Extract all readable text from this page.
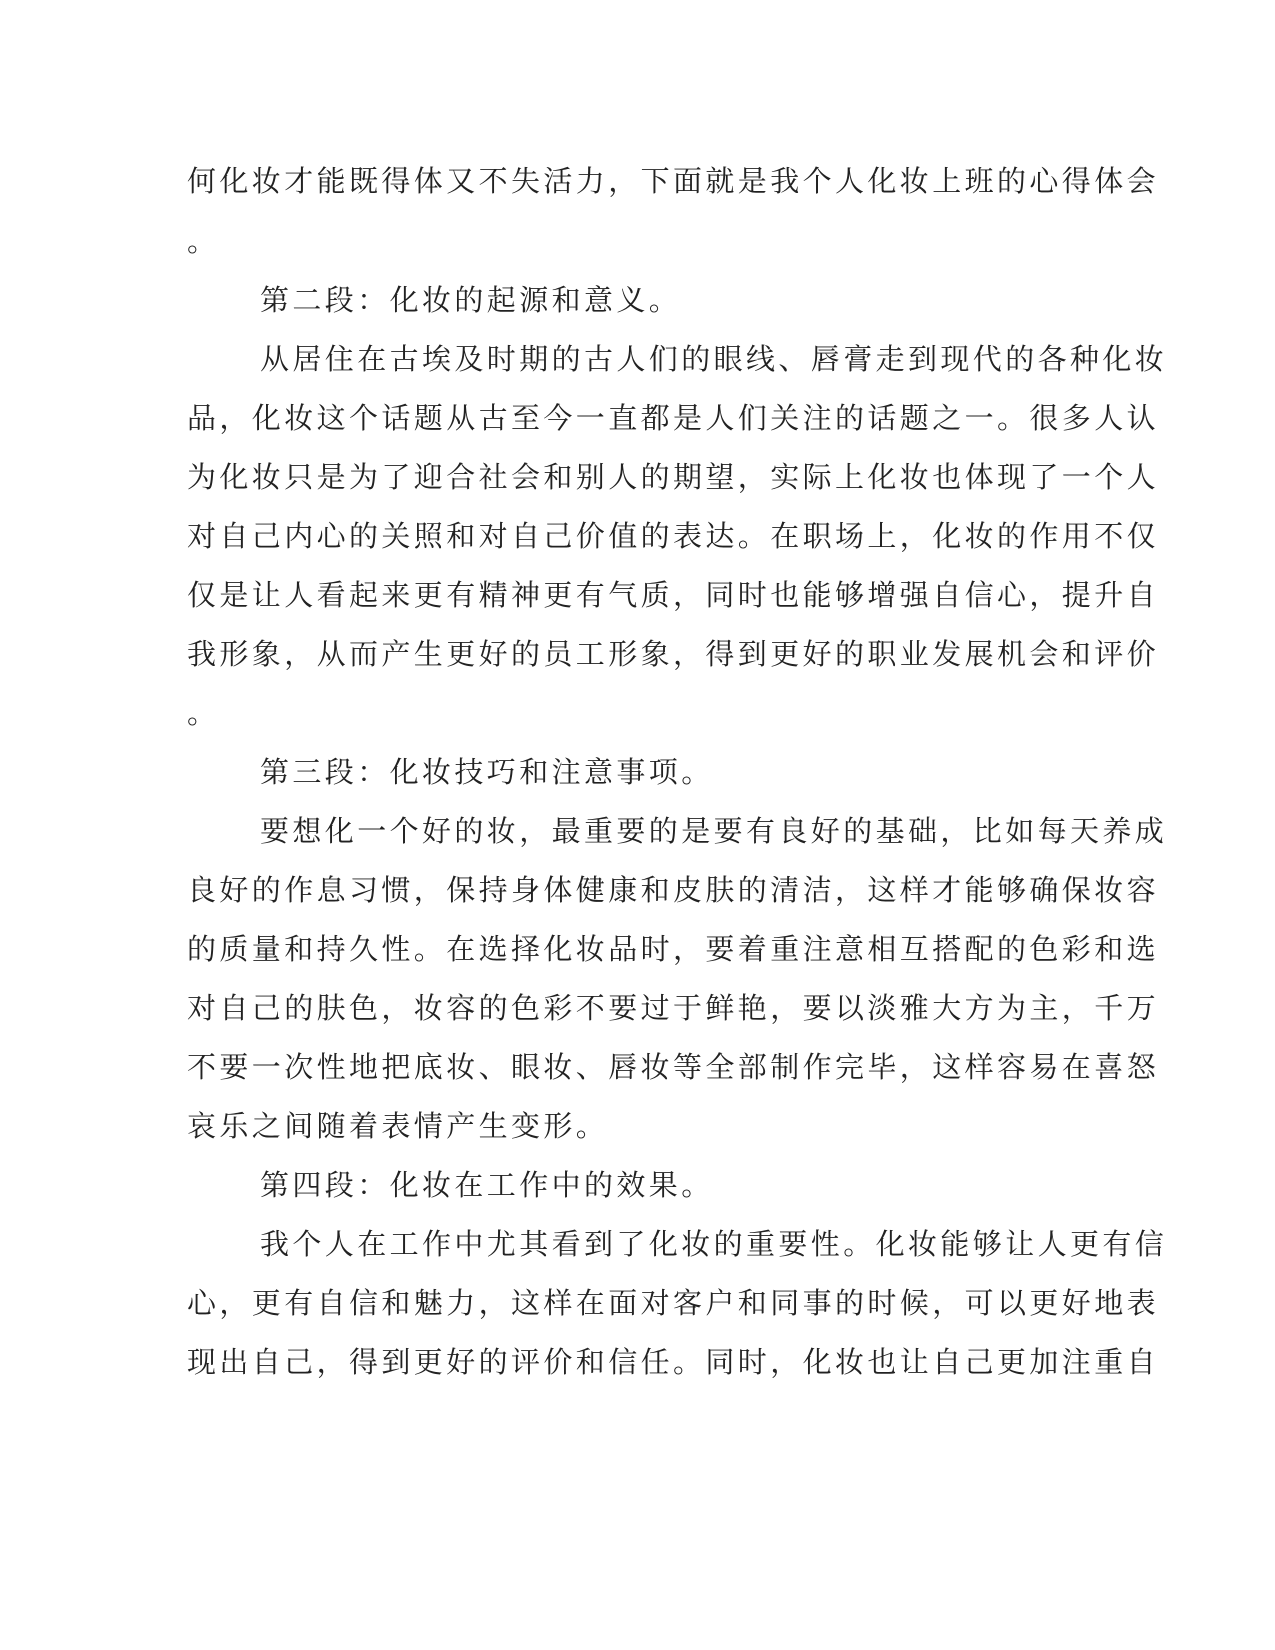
何化妆才能既得体又不失活力，下面就是我个人化妆上班的心得体会
。
第二段：化妆的起源和意义。
从居住在古埃及时期的古人们的眼线、唇膏走到现代的各种化妆
品，化妆这个话题从古至今一直都是人们关注的话题之一。很多人认
为化妆只是为了迎合社会和别人的期望，实际上化妆也体现了一个人
对自己内心的关照和对自己价值的表达。在职场上，化妆的作用不仅
仅是让人看起来更有精神更有气质，同时也能够增强自信心，提升自
我形象，从而产生更好的员工形象，得到更好的职业发展机会和评价
。
第三段：化妆技巧和注意事项。
要想化一个好的妆，最重要的是要有良好的基础，比如每天养成
良好的作息习惯，保持身体健康和皮肤的清洁，这样才能够确保妆容
的质量和持久性。在选择化妆品时，要着重注意相互搭配的色彩和选
对自己的肤色，妆容的色彩不要过于鲜艳，要以淡雅大方为主，千万
不要一次性地把底妆、眼妆、唇妆等全部制作完毕，这样容易在喜怒
哀乐之间随着表情产生变形。
第四段：化妆在工作中的效果。
我个人在工作中尤其看到了化妆的重要性。化妆能够让人更有信
心，更有自信和魅力，这样在面对客户和同事的时候，可以更好地表
现出自己，得到更好的评价和信任。同时，化妆也让自己更加注重自
